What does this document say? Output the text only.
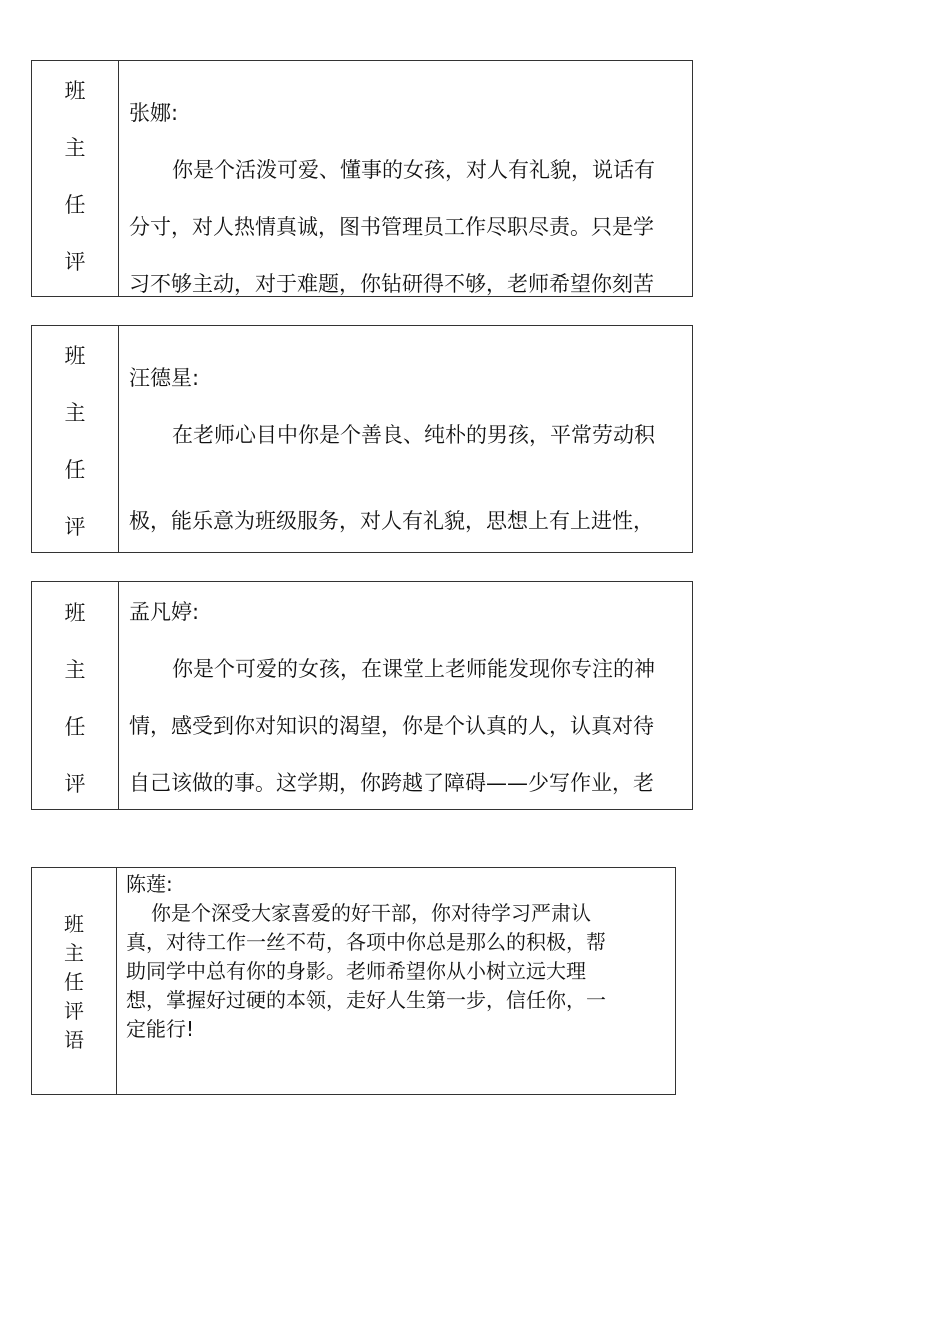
班
主
任
评
张娜:
你是个活泼可爱、懂事的女孩，对人有礼貌，说话有
分寸，对人热情真诚，图书管理员工作尽职尽责。只是学
习不够主动，对于难题，你钻研得不够，老师希望你刻苦
班
主
任
评
汪德星:
在老师心目中你是个善良、纯朴的男孩，平常劳动积
极，能乐意为班级服务，对人有礼貌，思想上有上进性，
班
主
任
评
孟凡婷:
你是个可爱的女孩，在课堂上老师能发现你专注的神
情，感受到你对知识的渴望，你是个认真的人，认真对待
自己该做的事。这学期，你跨越了障碍——少写作业，老
班
主
任
评
语
陈莲:
你是个深受大家喜爱的好干部，你对待学习严肃认
真，对待工作一丝不苟，各项中你总是那么的积极，帮
助同学中总有你的身影。老师希望你从小树立远大理
想，掌握好过硬的本领，走好人生第一步，信任你，一
定能行!
